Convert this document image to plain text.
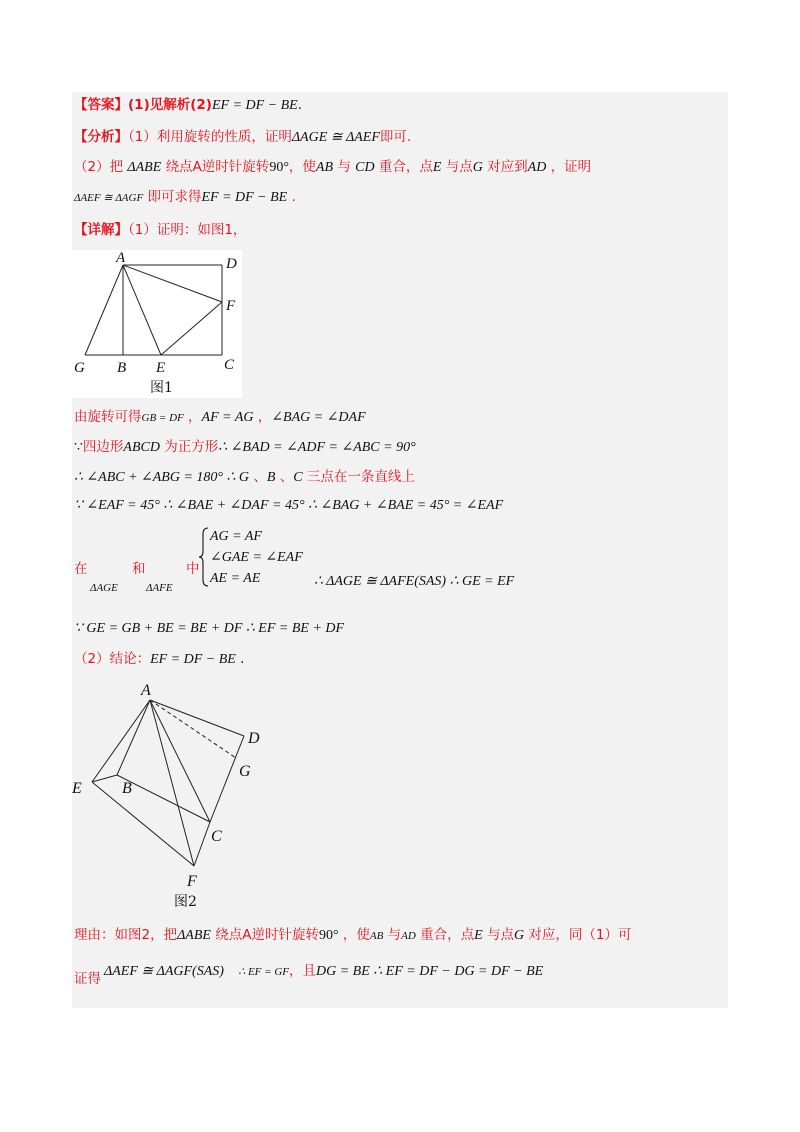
【答案】(1)见解析(2)EF = DF − BE.
【分析】（1）利用旋转的性质，证明ΔAGE ≅ ΔAEF即可.
（2）把 ΔABE 绕点A逆时针旋转90°，使AB 与 CD 重合，点E 与点G 对应到AD ，证明
ΔAEF ≅ ΔAGF 即可求得EF = DF − BE .
【详解】（1）证明：如图1，
A	D
F
G B E	C
图1
由旋转可得GB = DF ，AF = AG ，∠BAG = ∠DAF
∵四边形ABCD 为正方形∴ ∠BAD = ∠ADF = ∠ABC = 90°
∴ ∠ABC + ∠ABG = 180° ∴ G 、B 、C 三点在一条直线上
∵ ∠EAF = 45° ∴ ∠BAE + ∠DAF = 45° ∴ ∠BAG + ∠BAE = 45° = ∠EAF
在
ΔAGE
和
ΔAFE
中
AG = AF
∠GAE = ∠EAF
AE = AE	∴ ΔAGE ≅ ΔAFE(SAS) ∴ GE = EF
∵ GE = GB + BE = BE + DF ∴ EF = BE + DF
（2）结论：EF = DF − BE .
A
D
G
E	B
C
F
图2
理由：如图2，把ΔABE 绕点A逆时针旋转90° ，使AB 与AD 重合，点E 与点G 对应，同（1）可
证得 ΔAEF ≅ ΔAGF(SAS) ∴ EF = GF，且DG = BE ∴ EF = DF − DG = DF − BE
